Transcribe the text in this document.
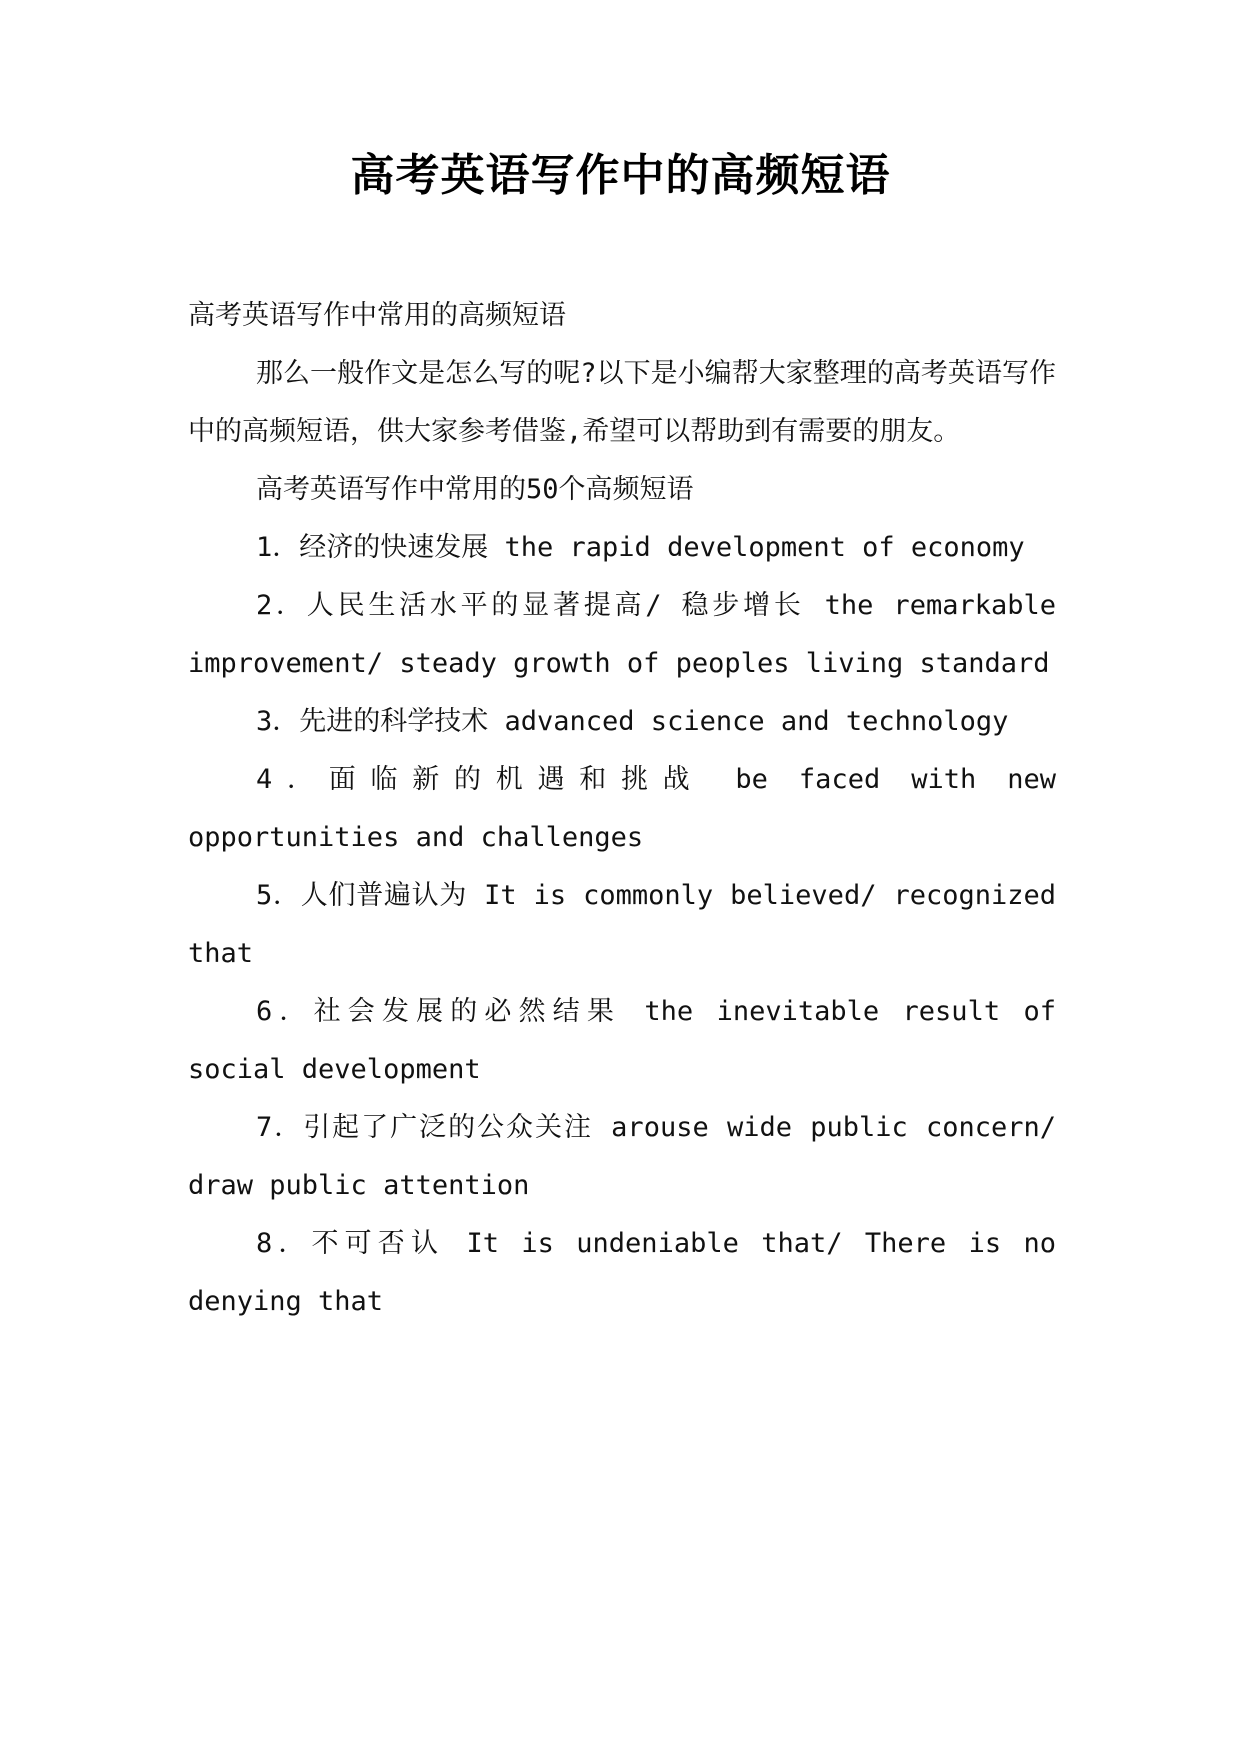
高考英语写作中的高频短语

高考英语写作中常用的高频短语

那么一般作文是怎么写的呢?以下是小编帮大家整理的高考英语写作中的高频短语，供大家参考借鉴,希望可以帮助到有需要的朋友。

高考英语写作中常用的50个高频短语

1．经济的快速发展 the rapid development of economy

2．人民生活水平的显著提高/ 稳步增长 the remarkable improvement/ steady growth of peoples living standard

3．先进的科学技术 advanced science and technology

4．面临新的机遇和挑战 be faced with new opportunities and challenges

5．人们普遍认为 It is commonly believed/ recognized that

6．社会发展的必然结果 the inevitable result of social development

7．引起了广泛的公众关注 arouse wide public concern/ draw public attention

8．不可否认 It is undeniable that/ There is no denying that
